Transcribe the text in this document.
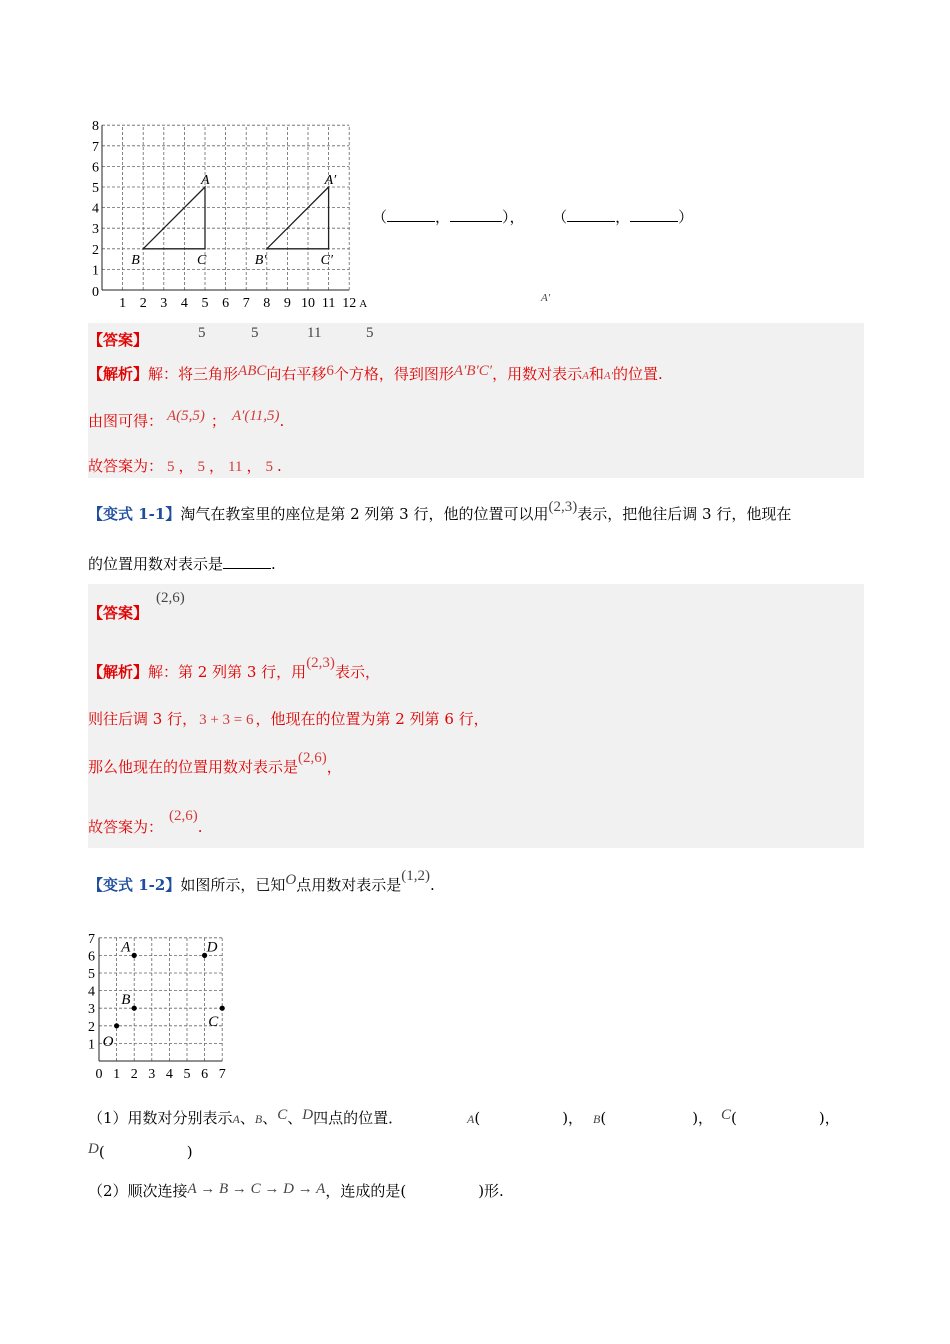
0
1
2
3
4
5
6
7
8
1 2 3 4 5 6 7 8 9 10 11 12 A
A
B	C
A′
B′	C′
（	，	）， （	，	）
A′
【答案】	5	5	11	5
【解析】解：将三角形ABC向右平移6个方格，得到图形A′B′C′，用数对表示A和A′的位置.
由图可得： A(5,5) ； A′(11,5).
故答案为： 5 ， 5 ， 11 ， 5 .
【变式 1-1】淘气在教室里的座位是第 2 列第 3 行，他的位置可以用(2,3)表示，把他往后调 3 行，他现在
的位置用数对表示是	.
【答案】
(2,6)
【解析】解：第 2 列第 3 行，用(2,3)表示，
则往后调 3 行， 3 + 3 = 6 ，他现在的位置为第 2 列第 6 行，
那么他现在的位置用数对表示是(2,6)，
故答案为：(2,6).
【变式 1-2】如图所示，已知O点用数对表示是(1,2).
1
2
3
4
5
6
7
0 1 2 3 4 5 6 7
A	D
B
C
O
（1）用数对分别表示A、B、C、D四点的位置．	A(	)， B(	)， C(	)，
D(	)
（2）顺次连接A → B → C → D → A，连成的是(	)形.
